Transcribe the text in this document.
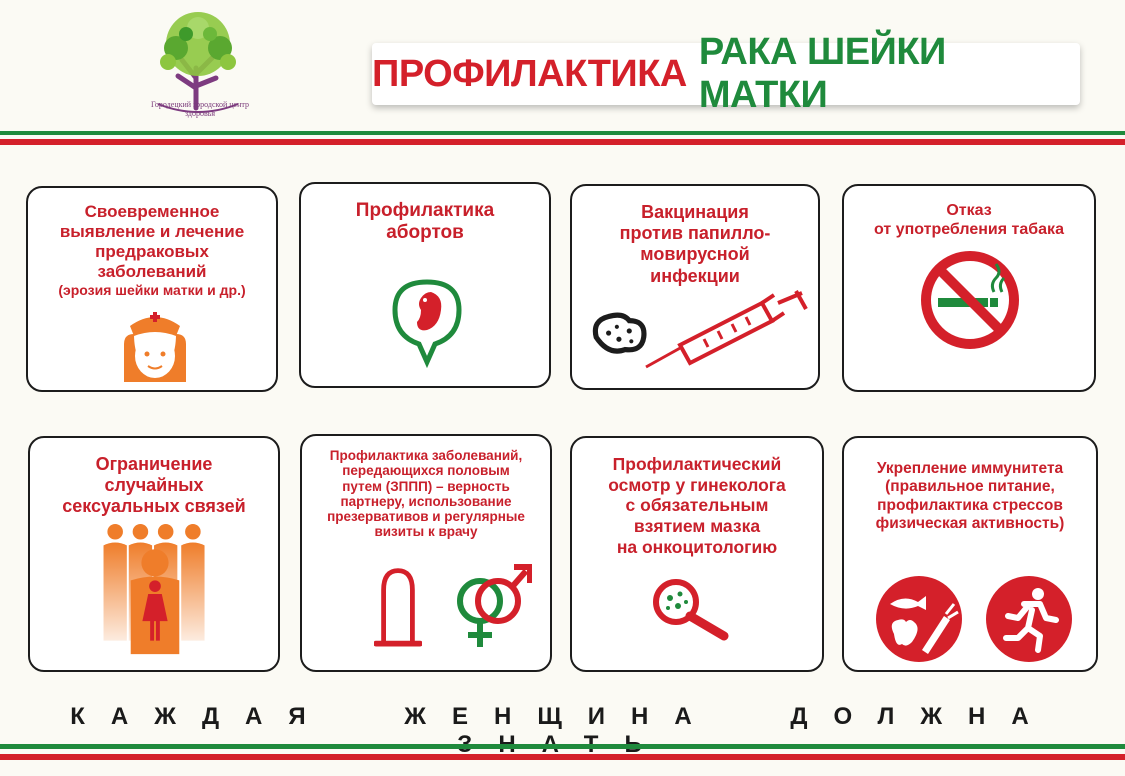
Городецкий городской центр здоровья
ПРОФИЛАКТИКА
РАКА ШЕЙКИ МАТКИ
Своевременное
выявление и лечение
предраковых
заболеваний
(эрозия шейки матки и др.)
Профилактика
абортов
Вакцинация
против папилло-
мовирусной
инфекции
Отказ
от употребления табака
Ограничение
случайных
сексуальных связей
Профилактика заболеваний,
передающихся половым
путем (ЗППП) – верность
партнеру, использование
презервативов и регулярные
визиты к врачу
Профилактический
осмотр у гинеколога
с обязательным
взятием мазка
на онкоцитологию
Укрепление иммунитета
(правильное питание,
профилактика стрессов
физическая активность)
КАЖДАЯ ЖЕНЩИНА ДОЛЖНА
